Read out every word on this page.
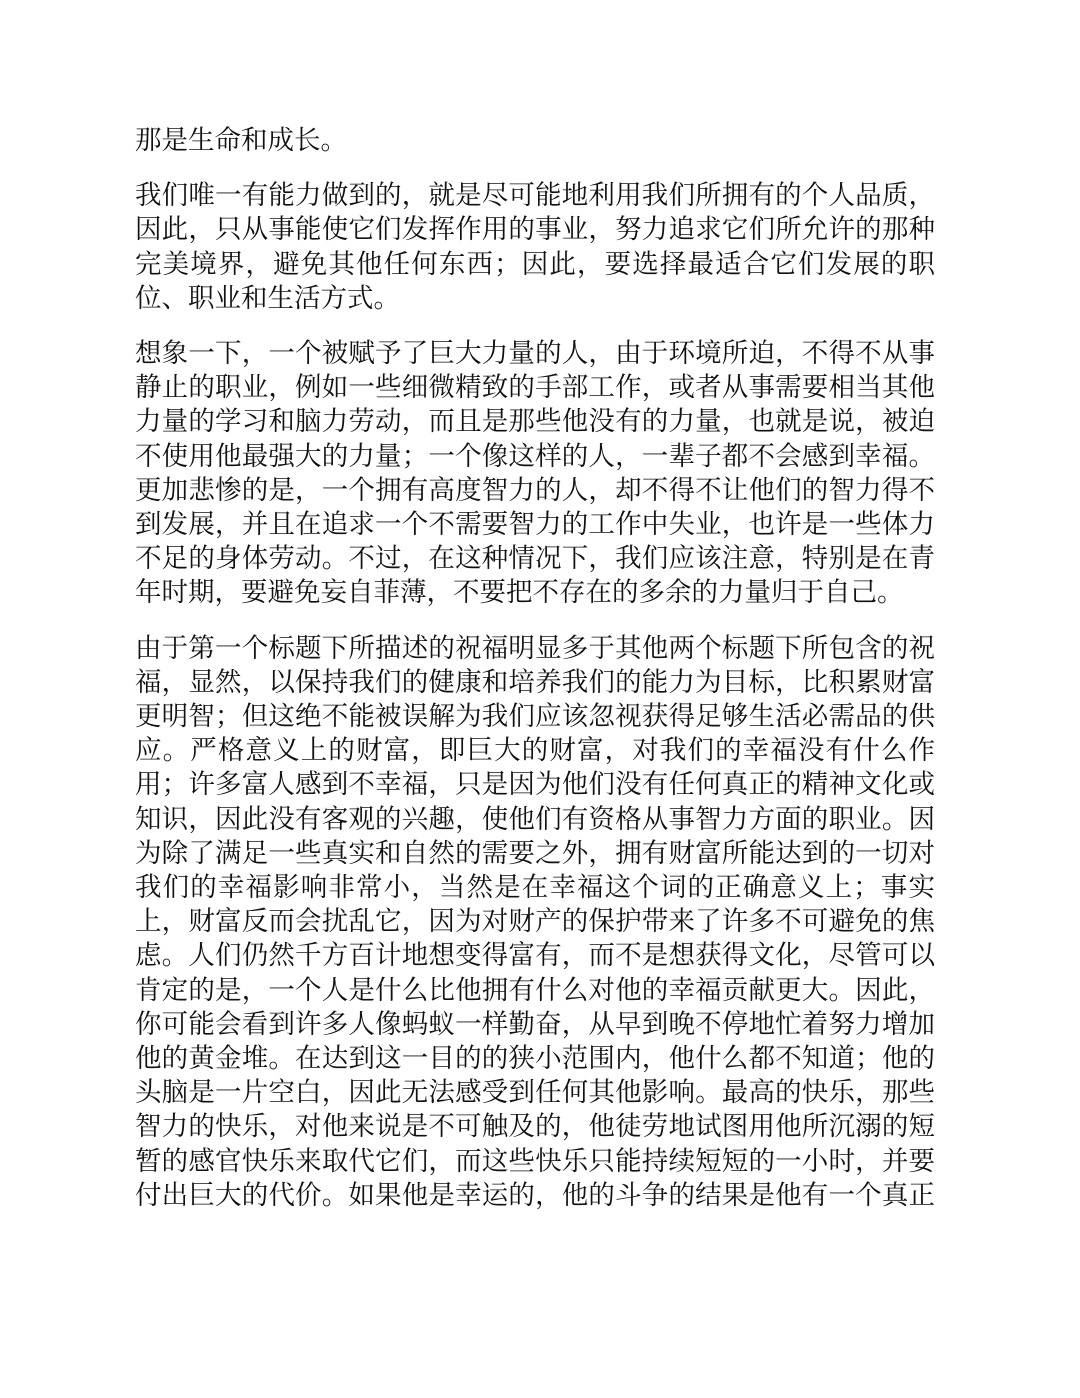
那是生命和成长。

我们唯一有能力做到的，就是尽可能地利用我们所拥有的个人品质，
因此，只从事能使它们发挥作用的事业，努力追求它们所允许的那种
完美境界，避免其他任何东西；因此，要选择最适合它们发展的职
位、职业和生活方式。

想象一下，一个被赋予了巨大力量的人，由于环境所迫，不得不从事
静止的职业，例如一些细微精致的手部工作，或者从事需要相当其他
力量的学习和脑力劳动，而且是那些他没有的力量，也就是说，被迫
不使用他最强大的力量；一个像这样的人，一辈子都不会感到幸福。
更加悲惨的是，一个拥有高度智力的人，却不得不让他们的智力得不
到发展，并且在追求一个不需要智力的工作中失业，也许是一些体力
不足的身体劳动。不过，在这种情况下，我们应该注意，特别是在青
年时期，要避免妄自菲薄，不要把不存在的多余的力量归于自己。

由于第一个标题下所描述的祝福明显多于其他两个标题下所包含的祝
福，显然，以保持我们的健康和培养我们的能力为目标，比积累财富
更明智；但这绝不能被误解为我们应该忽视获得足够生活必需品的供
应。严格意义上的财富，即巨大的财富，对我们的幸福没有什么作
用；许多富人感到不幸福，只是因为他们没有任何真正的精神文化或
知识，因此没有客观的兴趣，使他们有资格从事智力方面的职业。因
为除了满足一些真实和自然的需要之外，拥有财富所能达到的一切对
我们的幸福影响非常小，当然是在幸福这个词的正确意义上；事实
上，财富反而会扰乱它，因为对财产的保护带来了许多不可避免的焦
虑。人们仍然千方百计地想变得富有，而不是想获得文化，尽管可以
肯定的是，一个人是什么比他拥有什么对他的幸福贡献更大。因此，
你可能会看到许多人像蚂蚁一样勤奋，从早到晚不停地忙着努力增加
他的黄金堆。在达到这一目的的狭小范围内，他什么都不知道；他的
头脑是一片空白，因此无法感受到任何其他影响。最高的快乐，那些
智力的快乐，对他来说是不可触及的，他徒劳地试图用他所沉溺的短
暂的感官快乐来取代它们，而这些快乐只能持续短短的一小时，并要
付出巨大的代价。如果他是幸运的，他的斗争的结果是他有一个真正
